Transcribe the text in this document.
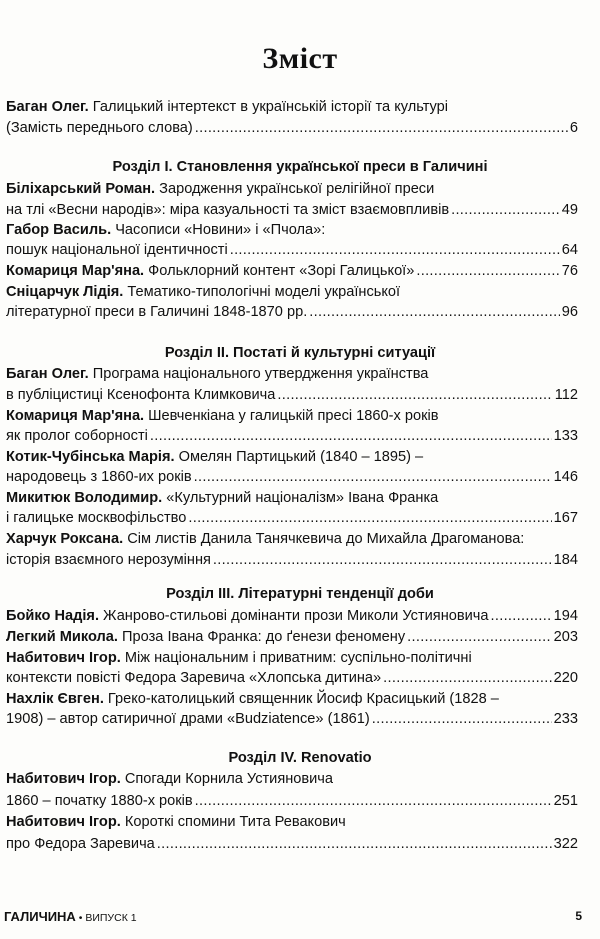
Зміст
Баган Олег. Галицький інтертекст в українській історії та культурі
(Замість переднього слова) .....	6
Розділ І. Становлення української преси в Галичині
Біліхарський Роман. Зародження української релігійної преси
на тлі «Весни народів»: міра казуальності та зміст взаємовпливів .....	49
Габор Василь. Часописи «Новини» і «Пчола»:
пошук національної ідентичності .....	64
Комариця Мар'яна. Фольклорний контент «Зорі Галицької» .....	76
Сніцарчук Лідія. Тематико-типологічні моделі української
літературної преси в Галичині 1848-1870 рр. .....	96
Розділ ІІ. Постаті й культурні ситуації
Баган Олег. Програма національного утвердження українства
в публіцистиці Ксенофонта Климковича .....	112
Комариця Мар'яна. Шевченкіана у галицькій пресі 1860-х років
як пролог соборності .....	133
Котик-Чубінська Марія. Омелян Партицький (1840 – 1895) –
народовець з 1860-их років .....	146
Микитюк Володимир. «Культурний націоналізм» Івана Франка
і галицьке москвофільство .....	167
Харчук Роксана. Сім листів Данила Танячкевича до Михайла Драгоманова:
історія взаємного нерозуміння .....	184
Розділ ІІІ. Літературні тенденції доби
Бойко Надія. Жанрово-стильові домінанти прози Миколи Устияновича .....	194
Легкий Микола. Проза Івана Франка: до ґенези феномену .....	203
Набитович Ігор. Між національним і приватним: суспільно-політичні
контексти повісті Федора Заревича «Хлопська дитина» .....	220
Нахлік Євген. Греко-католицький священник Йосиф Красицький (1828 –
1908) – автор сатиричної драми «Budziatence» (1861) .....	233
Розділ IV. Renovatio
Набитович Ігор. Спогади Корнила Устияновича
1860 – початку 1880-х років .....	251
Набитович Ігор. Короткі спомини Тита Ревакович
про Федора Заревича .....	322
ГАЛИЧИНА • ВИПУСК 1	5
